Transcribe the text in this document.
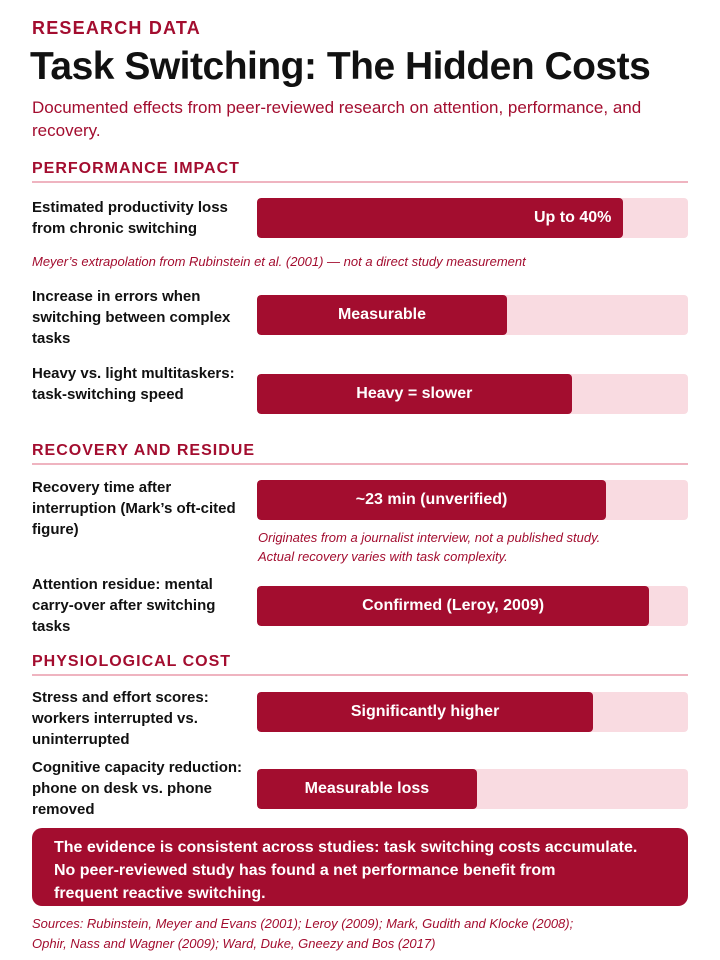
RESEARCH DATA
Task Switching: The Hidden Costs

Documented effects from peer-reviewed research on attention, performance, and recovery.

PERFORMANCE IMPACT
Estimated productivity loss from chronic switching
Up to 40%
Meyer’s extrapolation from Rubinstein et al. (2001) — not a direct study measurement
Increase in errors when switching between complex tasks
Measurable
Heavy vs. light multitaskers: task-switching speed	Heavy = slower
RECOVERY AND RESIDUE
Recovery time after interruption (Mark’s oft-cited figure)
~23 min (unverified)
Originates from a journalist interview, not a published study.
Actual recovery varies with task complexity.
Attention residue: mental carry-over after switching tasks
Confirmed (Leroy, 2009)
PHYSIOLOGICAL COST
Stress and effort scores: workers interrupted vs. uninterrupted
Significantly higher
Cognitive capacity reduction: phone on desk vs. phone removed
Measurable loss
The evidence is consistent across studies: task switching costs accumulate.
No peer-reviewed study has found a net performance benefit from
frequent reactive switching.
Sources: Rubinstein, Meyer and Evans (2001); Leroy (2009); Mark, Gudith and Klocke (2008);
Ophir, Nass and Wagner (2009); Ward, Duke, Gneezy and Bos (2017)
